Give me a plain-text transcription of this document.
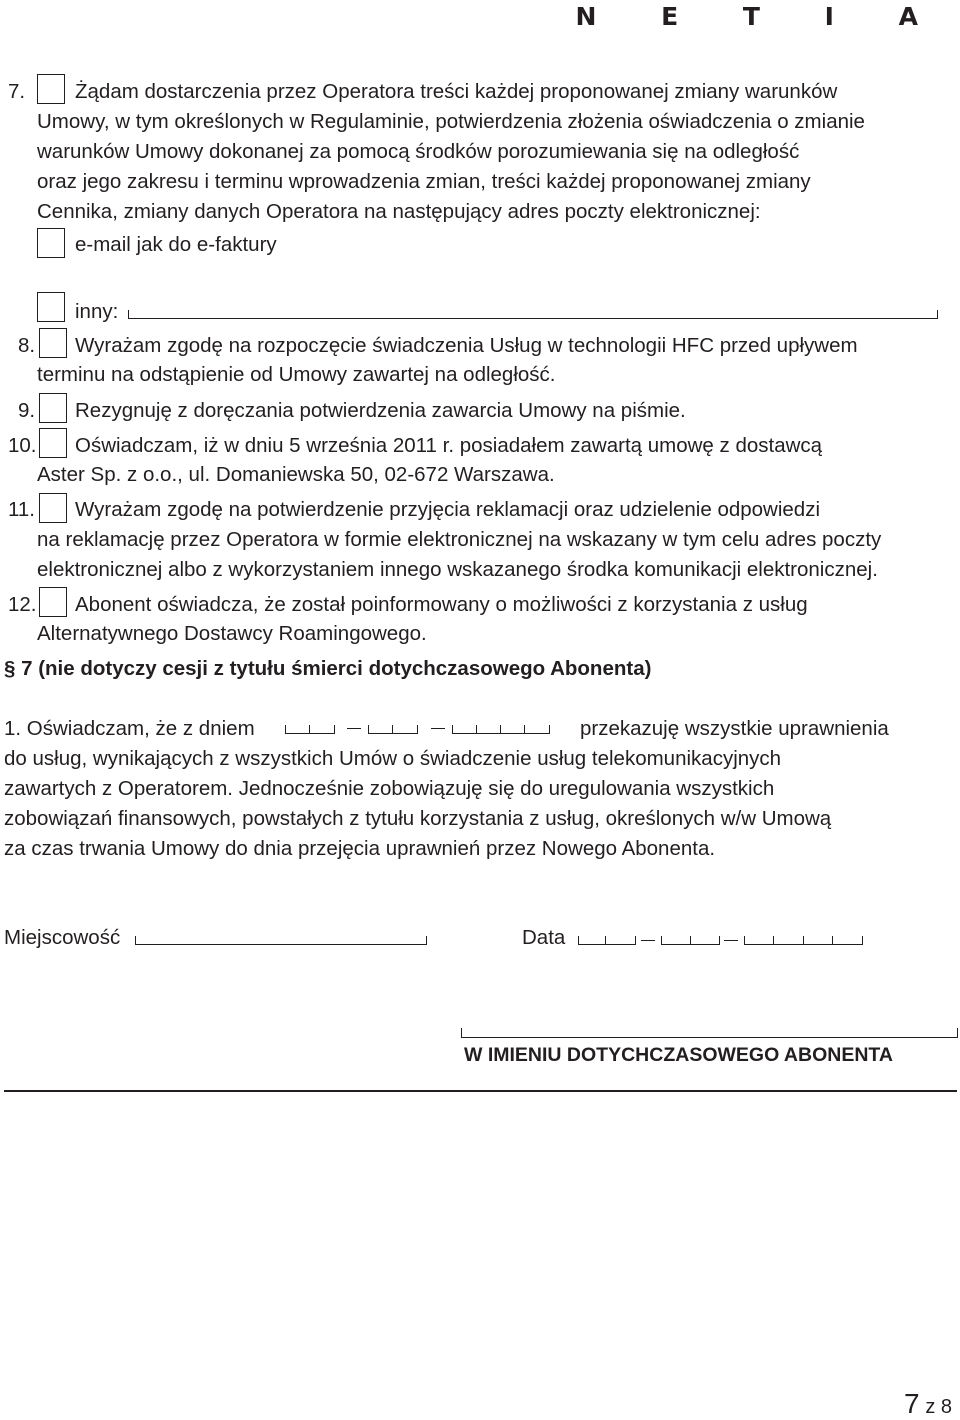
N E T I A
7. Żądam dostarczenia przez Operatora treści każdej proponowanej zmiany warunków
Umowy, w tym określonych w Regulaminie, potwierdzenia złożenia oświadczenia o zmianie
warunków Umowy dokonanej za pomocą środków porozumiewania się na odległość
oraz jego zakresu i terminu wprowadzenia zmian, treści każdej proponowanej zmiany
Cennika, zmiany danych Operatora na następujący adres poczty elektronicznej:
e-mail jak do e-faktury
inny:
8. Wyrażam zgodę na rozpoczęcie świadczenia Usług w technologii HFC przed upływem
terminu na odstąpienie od Umowy zawartej na odległość.
9. Rezygnuję z doręczania potwierdzenia zawarcia Umowy na piśmie.
10. Oświadczam, iż w dniu 5 września 2011 r. posiadałem zawartą umowę z dostawcą
Aster Sp. z o.o., ul. Domaniewska 50, 02-672 Warszawa.
11. Wyrażam zgodę na potwierdzenie przyjęcia reklamacji oraz udzielenie odpowiedzi
na reklamację przez Operatora w formie elektronicznej na wskazany w tym celu adres poczty
elektronicznej albo z wykorzystaniem innego wskazanego środka komunikacji elektronicznej.
12. Abonent oświadcza, że został poinformowany o możliwości z korzystania z usług
Alternatywnego Dostawcy Roamingowego.
§ 7 (nie dotyczy cesji z tytułu śmierci dotychczasowego Abonenta)
1. Oświadczam, że z dniem	przekazuję wszystkie uprawnienia
do usług, wynikających z wszystkich Umów o świadczenie usług telekomunikacyjnych
zawartych z Operatorem. Jednocześnie zobowiązuję się do uregulowania wszystkich
zobowiązań finansowych, powstałych z tytułu korzystania z usług, określonych w/w Umową
za czas trwania Umowy do dnia przejęcia uprawnień przez Nowego Abonenta.
Miejscowość	Data
W IMIENIU DOTYCHCZASOWEGO ABONENTA
7 z 8
